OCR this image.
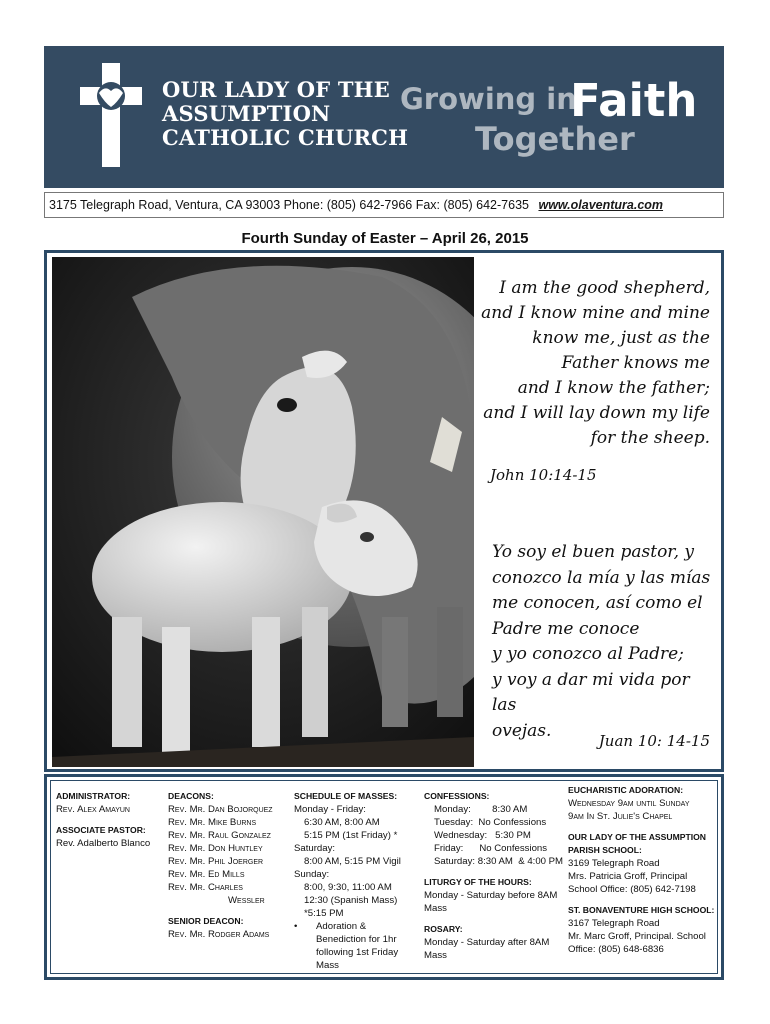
OUR LADY OF THE
ASSUMPTION
CATHOLIC CHURCH
Growing in
Faith
Together
3175 Telegraph Road, Ventura, CA 93003 Phone: (805) 642-7966 Fax: (805) 642-7635 www.olaventura.com
Fourth Sunday of Easter – April 26, 2015
I am the good shepherd,
and I know mine and mine
know me, just as the
Father knows me
and I know the father;
and I will lay down my life
for the sheep.
John 10:14-15
Yo soy el buen pastor, y
conozco la mía y las mías
me conocen, así como el
Padre me conoce
y yo conozco al Padre;
y voy a dar mi vida por las
ovejas.
Juan 10: 14-15
ADMINISTRATOR:
Rev. Alex Amayun
ASSOCIATE PASTOR:
Rev. Adalberto Blanco
DEACONS:
Rev. Mr. Dan Bojorquez
Rev. Mr. Mike Burns
Rev. Mr. Raul Gonzalez
Rev. Mr. Don Huntley
Rev. Mr. Phil Joerger
Rev. Mr. Ed Mills
Rev. Mr. Charles
Wessler
SENIOR DEACON:
Rev. Mr. Rodger Adams
SCHEDULE OF MASSES:
Monday - Friday:
6:30 AM, 8:00 AM
5:15 PM (1st Friday) *
Saturday:
8:00 AM, 5:15 PM Vigil
Sunday:
8:00, 9:30, 11:00 AM
12:30 (Spanish Mass)
*5:15 PM
•	Adoration & Benediction for 1hr following 1st Friday Mass
CONFESSIONS:
Monday:        8:30 AM
Tuesday:  No Confessions
Wednesday:   5:30 PM
Friday:      No Confessions
Saturday: 8:30 AM  & 4:00 PM
LITURGY OF THE HOURS:
Monday - Saturday before 8AM
Mass
ROSARY:
Monday - Saturday after 8AM
Mass
EUCHARISTIC ADORATION:
Wednesday 9am until Sunday
9am In St. Julie's Chapel
OUR LADY OF THE ASSUMPTION PARISH SCHOOL:
3169 Telegraph Road
Mrs. Patricia Groff, Principal
School Office: (805) 642-7198
ST. BONAVENTURE HIGH SCHOOL:
3167 Telegraph Road
Mr. Marc Groff, Principal. School
Office: (805) 648-6836
